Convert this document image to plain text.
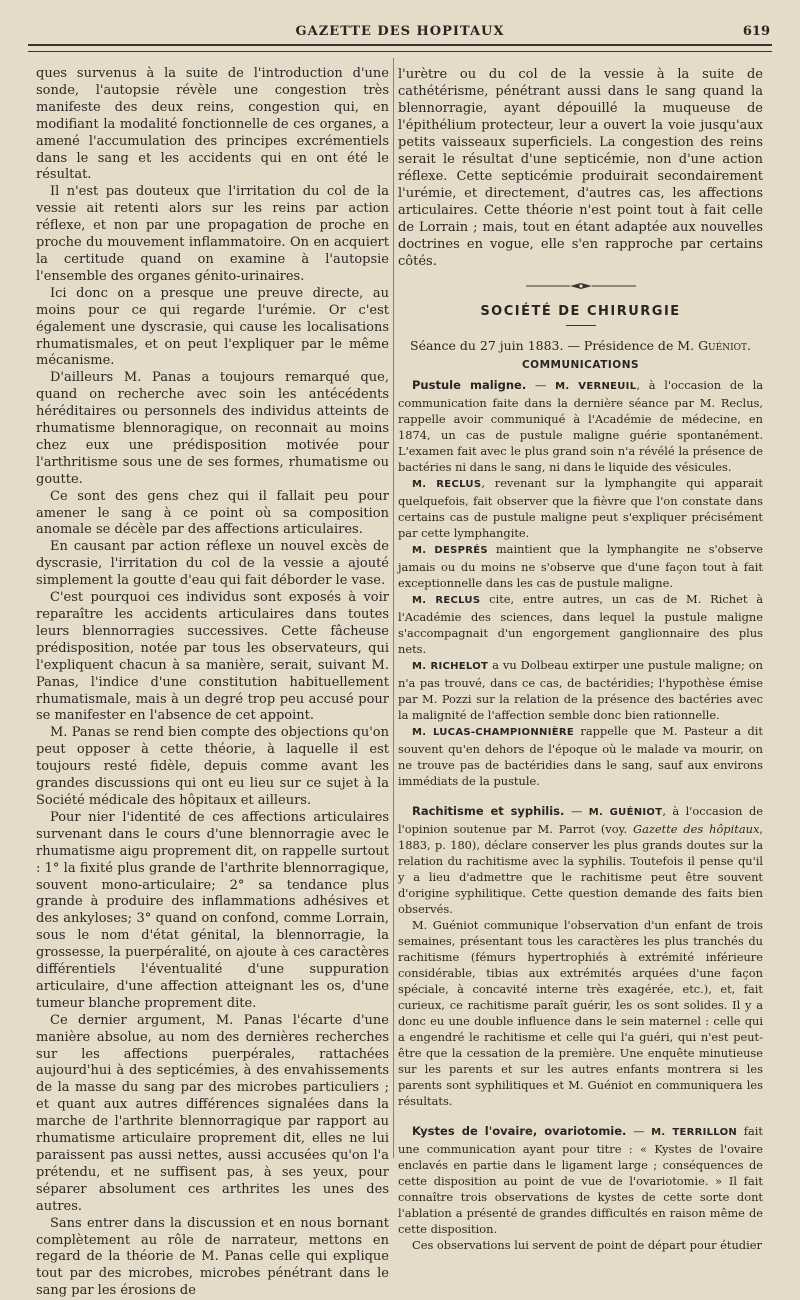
GAZETTE DES HOPITAUX	619

ques survenus à la suite de l'introduction d'une sonde, l'autopsie révèle une congestion très manifeste des deux reins, congestion qui, en modifiant la modalité fonctionnelle de ces organes, a amené l'accumulation des principes excrémentiels dans le sang et les accidents qui en ont été le résultat.

Il n'est pas douteux que l'irritation du col de la vessie ait retenti alors sur les reins par action réflexe, et non par une propagation de proche en proche du mouvement inflammatoire. On en acquiert la certitude quand on examine à l'autopsie l'ensemble des organes génito-urinaires.

Ici donc on a presque une preuve directe, au moins pour ce qui regarde l'urémie. Or c'est également une dyscrasie, qui cause les localisations rhumatismales, et on peut l'expliquer par le même mécanisme.

D'ailleurs M. Panas a toujours remarqué que, quand on recherche avec soin les antécédents héréditaires ou personnels des individus atteints de rhumatisme blennoragique, on reconnait au moins chez eux une prédisposition motivée pour l'arthritisme sous une de ses formes, rhumatisme ou goutte.

Ce sont des gens chez qui il fallait peu pour amener le sang à ce point où sa composition anomale se décèle par des affections articulaires.

En causant par action réflexe un nouvel excès de dyscrasie, l'irritation du col de la vessie a ajouté simplement la goutte d'eau qui fait déborder le vase.

C'est pourquoi ces individus sont exposés à voir reparaître les accidents articulaires dans toutes leurs blennorragies successives. Cette fâcheuse prédisposition, notée par tous les observateurs, qui l'expliquent chacun à sa manière, serait, suivant M. Panas, l'indice d'une constitution habituellement rhumatismale, mais à un degré trop peu accusé pour se manifester en l'absence de cet appoint.

M. Panas se rend bien compte des objections qu'on peut opposer à cette théorie, à laquelle il est toujours resté fidèle, depuis comme avant les grandes discussions qui ont eu lieu sur ce sujet à la Société médicale des hôpitaux et ailleurs.

Pour nier l'identité de ces affections articulaires survenant dans le cours d'une blennorragie avec le rhumatisme aigu proprement dit, on rappelle surtout : 1° la fixité plus grande de l'arthrite blennorragique, souvent mono-articulaire; 2° sa tendance plus grande à produire des inflammations adhésives et des ankyloses; 3° quand on confond, comme Lorrain, sous le nom d'état génital, la blennorragie, la grossesse, la puerpéralité, on ajoute à ces caractères différentiels l'éventualité d'une suppuration articulaire, d'une affection atteignant les os, d'une tumeur blanche proprement dite.

Ce dernier argument, M. Panas l'écarte d'une manière absolue, au nom des dernières recherches sur les affections puerpérales, rattachées aujourd'hui à des septicémies, à des envahissements de la masse du sang par des microbes particuliers ; et quant aux autres différences signalées dans la marche de l'arthrite blennorragique par rapport au rhumatisme articulaire proprement dit, elles ne lui paraissent pas aussi nettes, aussi accusées qu'on l'a prétendu, et ne suffisent pas, à ses yeux, pour séparer absolument ces arthrites les unes des autres.

Sans entrer dans la discussion et en nous bornant complètement au rôle de narrateur, mettons en regard de la théorie de M. Panas celle qui explique tout par des microbes, microbes pénétrant dans le sang par les érosions de

l'urètre ou du col de la vessie à la suite de cathétérisme, pénétrant aussi dans le sang quand la blennorragie, ayant dépouillé la muqueuse de l'épithélium protecteur, leur a ouvert la voie jusqu'aux petits vaisseaux superficiels. La congestion des reins serait le résultat d'une septicémie, non d'une action réflexe. Cette septicémie produirait secondairement l'urémie, et directement, d'autres cas, les affections articulaires. Cette théorie n'est point tout à fait celle de Lorrain ; mais, tout en étant adaptée aux nouvelles doctrines en vogue, elle s'en rapproche par certains côtés.

SOCIÉTÉ DE CHIRURGIE
Séance du 27 juin 1883. — Présidence de M. Guéniot.
COMMUNICATIONS

Pustule maligne. — M. VERNEUIL, à l'occasion de la communication faite dans la dernière séance par M. Reclus, rappelle avoir communiqué à l'Académie de médecine, en 1874, un cas de pustule maligne guérie spontanément. L'examen fait avec le plus grand soin n'a révélé la présence de bactéries ni dans le sang, ni dans le liquide des vésicules.

M. RECLUS, revenant sur la lymphangite qui apparait quelquefois, fait observer que la fièvre que l'on constate dans certains cas de pustule maligne peut s'expliquer précisément par cette lymphangite.

M. DESPRÉS maintient que la lymphangite ne s'observe jamais ou du moins ne s'observe que d'une façon tout à fait exceptionnelle dans les cas de pustule maligne.

M. RECLUS cite, entre autres, un cas de M. Richet à l'Académie des sciences, dans lequel la pustule maligne s'accompagnait d'un engorgement ganglionnaire des plus nets.

M. RICHELOT a vu Dolbeau extirper une pustule maligne; on n'a pas trouvé, dans ce cas, de bactéridies; l'hypothèse émise par M. Pozzi sur la relation de la présence des bactéries avec la malignité de l'affection semble donc bien rationnelle.

M. LUCAS-CHAMPIONNIÈRE rappelle que M. Pasteur a dit souvent qu'en dehors de l'époque où le malade va mourir, on ne trouve pas de bactéridies dans le sang, sauf aux environs immédiats de la pustule.

Rachitisme et syphilis. — M. GUÉNIOT, à l'occasion de l'opinion soutenue par M. Parrot (voy. Gazette des hôpitaux, 1883, p. 180), déclare conserver les plus grands doutes sur la relation du rachitisme avec la syphilis. Toutefois il pense qu'il y a lieu d'admettre que le rachitisme peut être souvent d'origine syphilitique. Cette question demande des faits bien observés.

M. Guéniot communique l'observation d'un enfant de trois semaines, présentant tous les caractères les plus tranchés du rachitisme (fémurs hypertrophiés à extrémité inférieure considérable, tibias aux extrémités arquées d'une façon spéciale, à concavité interne très exagérée, etc.), et, fait curieux, ce rachitisme paraît guérir, les os sont solides. Il y a donc eu une double influence dans le sein maternel : celle qui a engendré le rachitisme et celle qui l'a guéri, qui n'est peut-être que la cessation de la première. Une enquête minutieuse sur les parents et sur les autres enfants montrera si les parents sont syphilitiques et M. Guéniot en communiquera les résultats.

Kystes de l'ovaire, ovariotomie. — M. TERRILLON fait une communication ayant pour titre : « Kystes de l'ovaire enclavés en partie dans le ligament large ; conséquences de cette disposition au point de vue de l'ovariotomie. » Il fait connaître trois observations de kystes de cette sorte dont l'ablation a présenté de grandes difficultés en raison même de cette disposition.

Ces observations lui servent de point de départ pour étudier
